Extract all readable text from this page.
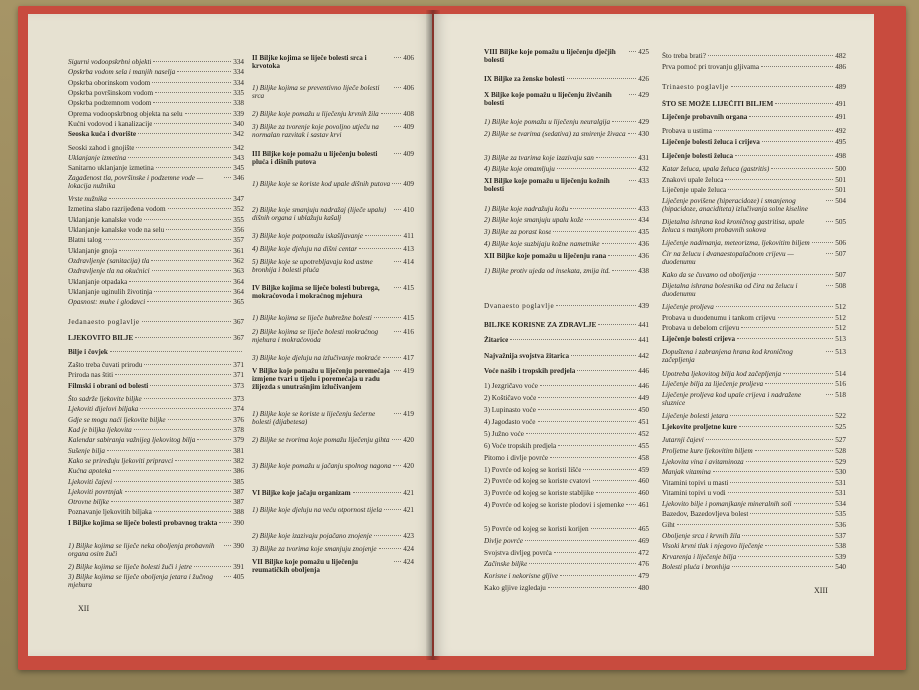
Sigurni vodoopskrbni objekti	334
Opskrba vodom sela i manjih naselja	334
Opskrba oborinskom vodom	334
Opskrba površinskom vodom	335
Opskrba podzemnom vodom	338
Oprema vodoopskrbnog objekta na selu	339
Kućni vodovod i kanalizacije	340
Seoska kuća i dvorište	342
Seoski zahod i gnojište	342
Uklanjanje izmetina	343
Sanitarno uklanjanje izmetina	345
Zagađenost tla, površinske i podzemne vode — lokacija nužnika
346
Vrste nužnika	347
Izmetina slabo razrijeđena vodom	352
Uklanjanje kanalske vode	355
Uklanjanje kanalske vode na selu	356
Blatni talog	357
Uklanjanje gnoja	361
Ozdravljenje (sanitacija) tla	362
Ozdravljenje tla na okućnici	363
Uklanjanje otpadaka	364
Uklanjanje uginulih životinja	364
Opasnost: muhe i glodavci	365
Jedanaesto poglavlje	367
LJEKOVITO BILJE	367
Bilje i čovjek
Zašto treba čuvati prirodu	371
Priroda nas štiti	371
Filmski i obrani od bolesti	373
Što sadrže ljekovite biljke	373
Ljekoviti dijelovi biljaka	374
Gdje se mogu naći ljekovite biljke	376
Kad je biljka ljekovita	378
Kalendar sabiranja važnijeg ljekovitog bilja	379
Sušenje bilja	381
Kako se priređuju ljekoviti pripravci	382
Kućna apoteka	386
Ljekoviti čajevi	385
Ljekoviti povrtnjak	387
Otrovne biljke	387
Poznavanje ljekovitih biljaka	388
I Biljke kojima se liječe bolesti probavnog trakta 390
1) Biljke kojima se liječe neka oboljenja probavnih organa osim žuči
390
2) Biljke kojima se liječe bolesti žuči i jetre	391
3) Biljke kojima se liječe oboljenja jetara i žučnog mjehura
405
II Biljke kojima se liječe bolesti srca i krvotoka
406
1) Biljke kojima se preventivno liječe bolesti srca
406
2) Biljke koje pomažu u liječenju krvnih žila	408
3) Biljke za tvorenje koje povoljno utječu na normalan razvitak i sastav krvi
409
III Biljke koje pomažu u liječenju bolesti pluća i dišnih putova
409
1) Biljke koje se koriste kod upale dišnih putova 409
2) Biljke koje smanjuju nadražaj (liječe upalu) dišnih organa i ublažuju kašalj
410
3) Biljke koje potpomažu iskašljavanje	411
4) Biljke koje djeluju na dišni centar	413
5) Biljke koje se upotrebljavaju kod astme bronhija i bolesti pluća
414
IV Biljke kojima se liječe bolesti bubrega, mokraćovoda i mokraćnog mjehura
415
1) Biljke kojima se liječe bubrežne bolesti	415
2) Biljke kojima se liječe bolesti mokraćnog mjehura i mokraćovoda
416
3) Biljke koje djeluju na izlučivanje mokraće	417
V Biljke koje pomažu u liječenju poremećaja izmjene tvari u tijelu i poremećaja u radu žlijezda s unutrašnjim izlučivanjem
419
1) Biljke koje se koriste u liječenju šećerne bolesti (dijabetesa)
419
2) Biljke se tvorima koje pomažu liječenju gihta 420
3) Biljke koje pomažu u jačanju spolnog nagona 420
VI Biljke koje jačaju organizam	421
1) Biljke koje djeluju na veću otpornost tijela	421
2) Biljke koje izazivaju pojačano znojenje	423
3) Biljke za tvorima koje smanjuju znojenje	424
VII Biljke koje pomažu u liječenju reumatičkih oboljenja
424
XII
VIII Biljke koje pomažu u liječenju dječjih bolesti
425
IX Biljke za ženske bolesti	426
X Biljke koje pomažu u liječenju živčanih bolesti
429
1) Biljke koje pomažu u liječenju neuralgija	429
2) Biljke se tvarima (sedativa) za smirenje živaca 430
3) Biljke za tvarima koje izazivaju san	431
4) Biljke koje omamljuju	432
XI Biljke koje pomažu u liječenju kožnih bolesti
433
1) Biljke koje nadražuju kožu	433
2) Biljke koje smanjuju upalu kože	434
3) Biljke za porast kose	435
4) Biljke koje suzbijaju kožne nametnike	436
XII Biljke koje pomažu u liječenju rana	436
1) Biljke protiv ujeda od insekata, zmija itd.	438
Dvanaesto poglavlje	439
BILJKE KORISNE ZA ZDRAVLJE	441
Žitarice	441
Najvažnija svojstva žitarica	442
Voće našib i tropskih predjela	446
1) Jezgričavo voće	446
2) Koštičavo voće	449
3) Lupinasto voće	450
4) Jagodasto voće	451
5) Južno voće	452
6) Voće tropskih predjela	455
Pitomo i divlje povrće	458
1) Povrće od kojeg se koristi lišće	459
2) Povrće od kojeg se koriste cvatovi	460
3) Povrće od kojeg se koriste stabljike	460
4) Povrće od kojeg se koriste plodovi i sjemenke 461
5) Povrće od kojeg se koristi korijen	465
Divlje povrće	469
Svojstva divljeg povrća	472
Začinske biljke	476
Korisne i nekorisne gljive	479
Kako gljive izgledaju	480
Što treba brati?	482
Prva pomoć pri trovanju gljivama	486
Trinaesto poglavlje	489
ŠTO SE MOŽE LIJEČITI BILJEM	491
Liječenje probavnih organa	491
Probava u ustima	492
Liječenje bolesti želuca i crijeva	495
Liječenje bolesti želuca	498
Katar želuca, upala želuca (gastritis)	500
Znakovi upale želuca	501
Liječenje upale želuca	501
Liječenje povišene (hiperacidoze) i smanjenog (hipacidoze, anaciditeta) izlučivanja solne kiseline
504
Dijetalna ishrana kod kroničnog gastritisa, upale želuca s manjkom probavnih sokova
505
Liječenje nadimanja, meteorizma, ljekovitim biljem	506
Čir na želucu i dvanaestopalačnom crijevu — duodenumu
507
Kako da se čuvamo od oboljenja	507
Dijetalna ishrana bolesnika od čira na želucu i duodenumu
508
Liječenje proljeva	512
Probava u duodenumu i tankom crijevu	512
Probava u debelom crijevu	512
Liječenje bolesti crijeva	513
Dopuštena i zabranjena hrana kod kroničnog začepljenja
513
Upotreba ljekovitog bilja kod začepljenja	514
Liječenje bilja za liječenje proljeva	516
Liječenje proljeva kod upale crijeva i nadražene sluznice
518
Liječenje bolesti jetara	522
Ljekovite proljetne kure	525
Jutarnji čajevi	527
Proljetne kure ljekovitim biljem	528
Ljekovita vina i avitaminoza	529
Manjak vitamina	530
Vitamini topivi u masti	531
Vitamini topivi u vodi	531
Ljekovito bilje i pomanjkanje mineralnih soli	534
Bazedov, Bazedovljeva bolest	535
Giht	536
Oboljenje srca i krvnih žila	537
Visoki krvni tlak i njegovo liječenje	538
Krvarenja i liječenje bilja	539
Bolesti pluća i bronhija	540
XIII
